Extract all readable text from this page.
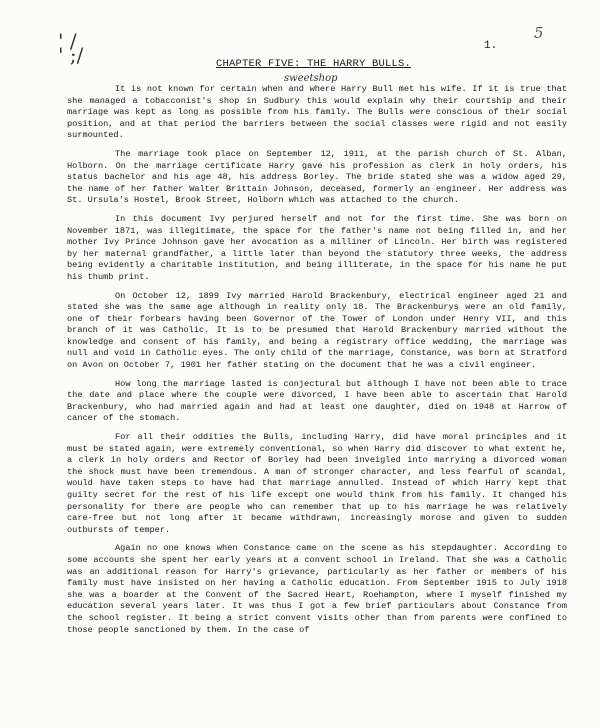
' /
' ;/	1.
5
CHAPTER FIVE: THE HARRY BULLS.
sweetshop

It is not known for certain when and where Harry Bull met his wife. If it is true that she managed a tobacconist's shop in Sudbury this would explain why their courtship and their marriage was kept as long as possible from his family. The Bulls were conscious of their social position, and at that period the barriers between the social classes were rigid and not easily surmounted.

The marriage took place on September 12, 1911, at the parish church of St. Alban, Holborn. On the marriage certificate Harry gave his profession as clerk in holy orders, his status bachelor and his age 48, his address Borley. The bride stated she was a widow aged 29, the name of her father Walter Brittain Johnson, deceased, formerly an engineer. Her address was St. Ursula's Hostel, Brook Street, Holborn which was attached to the church.

In this document Ivy perjured herself and not for the first time. She was born on November 1871, was illegitimate, the space for the father's name not being filled in, and her mother Ivy Prince Johnson gave her avocation as a milliner of Lincoln. Her birth was registered by her maternal grandfather, a little later than beyond the statutory three weeks, the address being evidently a charitable institution, and being illiterate, in the space for his name he put his thumb print.

On October 12, 1899 Ivy married Harold Brackenbury, electrical engineer aged 21 and stated she was the same age although in reality only 18. The Brackenburys were an old family, one of their forbears having been Governor of the Tower of London under Henry VII, and this branch of it was Catholic. It is to be presumed that Harold Brackenbury married without the knowledge and consent of his family, and being a registrary office wedding, the marriage was null and void in Catholic eyes. The only child of the marriage, Constance, was born at Stratford on Avon on October 7, 1901 her father stating on the document that he was a civil engineer.

How long the marriage lasted is conjectural but although I have not been able to trace the date and place where the couple were divorced, I have been able to ascertain that Harold Brackenbury, who had married again and had at least one daughter, died on 1948 at Harrow of cancer of the stomach.

For all their oddities the Bulls, including Harry, did have moral principles and it must be stated again, were extremely conventional, so when Harry did discover to what extent he, a clerk in holy orders and Rector of Borley had been inveigled into marrying a divorced woman the shock must have been tremendous. A man of stronger character, and less fearful of scandal, would have taken steps to have had that marriage annulled. Instead of which Harry kept that guilty secret for the rest of his life except one would think from his family. It changed his personality for there are people who can remember that up to his marriage he was relatively care-free but not long after it became withdrawn, increasingly morose and given to sudden outbursts of temper.

Again no one knows when Constance came on the scene as his stepdaughter. According to some accounts she spent her early years at a convent school in Ireland. That she was a Catholic was an additional reason for Harry's grievance, particularly as her father or members of his family must have insisted on her having a Catholic education. From September 1915 to July 1918 she was a boarder at the Convent of the Sacred Heart, Roehampton, where I myself finished my education several years later. It was thus I got a few brief particulars about Constance from the school register. It being a strict convent visits other than from parents were confined to those people sanctioned by them. In the case of
